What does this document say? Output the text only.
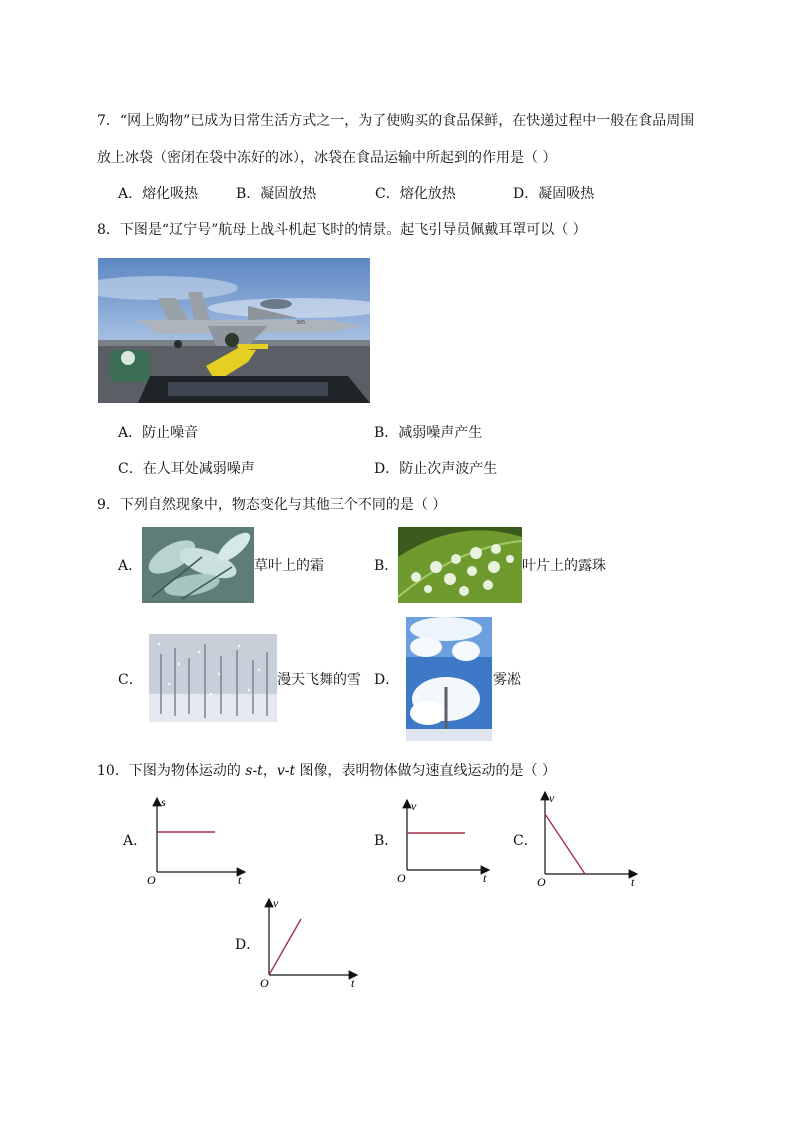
7．“网上购物”已成为日常生活方式之一，为了使购买的食品保鲜，在快递过程中一般在食品周围
放上冰袋（密闭在袋中冻好的冰），冰袋在食品运输中所起到的作用是（ ）
A．熔化吸热	B．凝固放热	C．熔化放热	D．凝固吸热
8．下图是“辽宁号”航母上战斗机起飞时的情景。起飞引导员佩戴耳罩可以（ ）
305
A．防止噪音	B．减弱噪声产生
C．在人耳处减弱噪声	D．防止次声波产生
9．下列自然现象中，物态变化与其他三个不同的是（ ）
A．	草叶上的霜	B．	叶片上的露珠
C．	漫天飞舞的雪 D．	雾凇
10．下图为物体运动的 s-t，v-t 图像，表明物体做匀速直线运动的是（ ）
A．
s
t
O
B．
v
t
O
C．
v
t
O
D．
v
t
O
